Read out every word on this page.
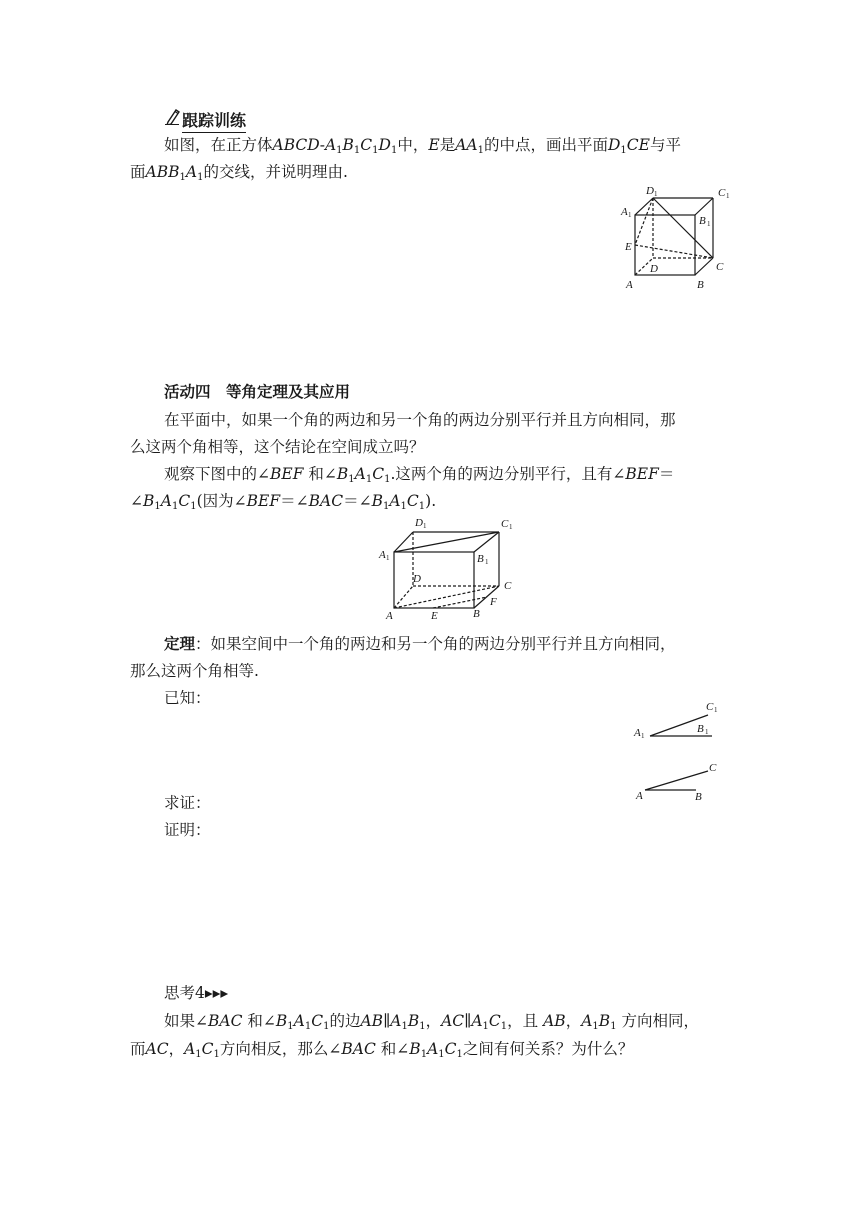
跟踪训练
如图，在正方体ABCD-$A_1B_1C_1D_1$中，E是$AA_1$的中点，画出平面$D_1CE$与平
面$ABB_1A_1$的交线，并说明理由.
D 1	C 1
A 1	B 1
E
D	C
A	B
活动四　等角定理及其应用
在平面中，如果一个角的两边和另一个角的两边分别平行并且方向相同，那
么这两个角相等，这个结论在空间成立吗？
观察下图中的∠BEF 和$\angle B_1A_1C_1$.这两个角的两边分别平行，且有∠BEF＝
$\angle B_1A_1C_1$(因为$\angle BEF=\angle BAC=\angle B_1A_1C_1$).
D 1	C 1
A 1	B 1
D
C
F
A	E	B
定理：如果空间中一个角的两边和另一个角的两边分别平行并且方向相同，
那么这两个角相等.
已知：	C 1
A 1
B 1
C
A	B
求证：
证明：
思考4▸▸▸
如果∠BAC 和$\angle B_1A_1C_1$的边$AB\parallel A_1B_1$，$AC\parallel A_1C_1$，且 AB，$A_1B_1$ 方向相同，
而AC，$A_1C_1$方向相反，那么∠BAC 和$\angle B_1A_1C_1$之间有何关系？为什么？
